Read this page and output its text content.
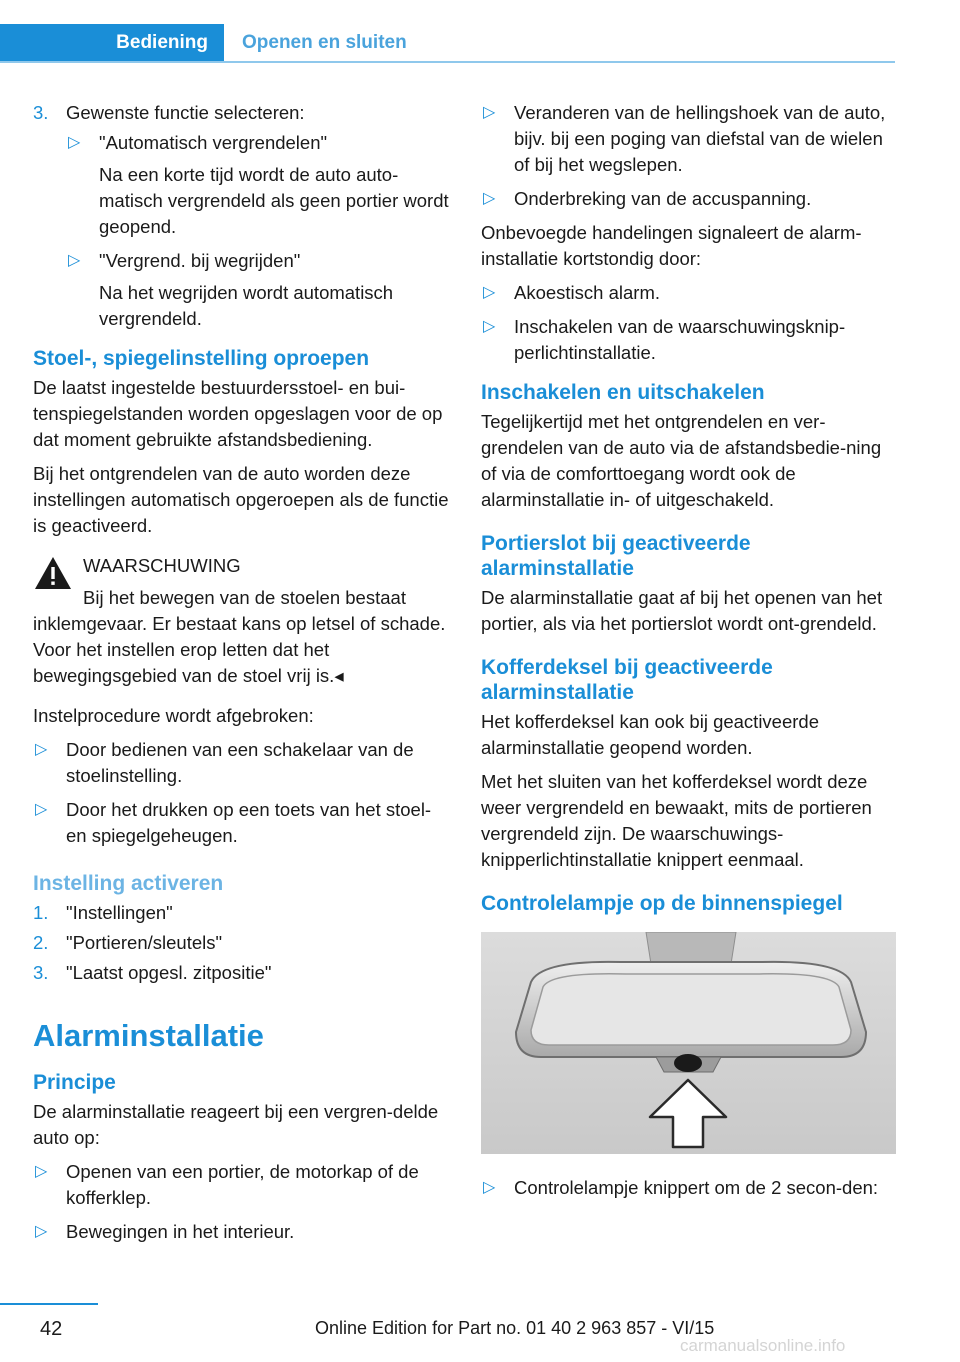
Bediening	Openen en sluiten
3. Gewenste functie selecteren:
▷ "Automatisch vergrendelen"
Na een korte tijd wordt de auto auto-matisch vergrendeld als geen portier wordt geopend.
▷ "Vergrend. bij wegrijden"
Na het wegrijden wordt automatisch vergrendeld.
Stoel-, spiegelinstelling oproepen

De laatst ingestelde bestuurdersstoel- en bui-tenspiegelstanden worden opgeslagen voor de op dat moment gebruikte afstandsbediening.

Bij het ontgrendelen van de auto worden deze instellingen automatisch opgeroepen als de functie is geactiveerd.

WAARSCHUWING
Bij het bewegen van de stoelen bestaat inklemgevaar. Er bestaat kans op letsel of schade. Voor het instellen erop letten dat het bewegingsgebied van de stoel vrij is.◂

Instelprocedure wordt afgebroken:

▷ Door bedienen van een schakelaar van de stoelinstelling.
▷ Door het drukken op een toets van het stoel- en spiegelgeheugen.
Instelling activeren
1. "Instellingen"
2. "Portieren/sleutels"
3. "Laatst opgesl. zitpositie"
Alarminstallatie
Principe

De alarminstallatie reageert bij een vergren-delde auto op:

▷ Openen van een portier, de motorkap of de kofferklep.
▷ Bewegingen in het interieur.
▷ Veranderen van de hellingshoek van de auto, bijv. bij een poging van diefstal van de wielen of bij het wegslepen.
▷ Onderbreking van de accuspanning.

Onbevoegde handelingen signaleert de alarm-installatie kortstondig door:

▷ Akoestisch alarm.
▷ Inschakelen van de waarschuwingsknip-perlichtinstallatie.
Inschakelen en uitschakelen

Tegelijkertijd met het ontgrendelen en ver-grendelen van de auto via de afstandsbedie-ning of via de comforttoegang wordt ook de alarminstallatie in- of uitgeschakeld.

Portierslot bij geactiveerde alarminstallatie

De alarminstallatie gaat af bij het openen van het portier, als via het portierslot wordt ont-grendeld.

Kofferdeksel bij geactiveerde alarminstallatie

Het kofferdeksel kan ook bij geactiveerde alarminstallatie geopend worden.

Met het sluiten van het kofferdeksel wordt deze weer vergrendeld en bewaakt, mits de portieren vergrendeld zijn. De waarschuwings-knipperlichtinstallatie knippert eenmaal.

Controlelampje op de binnenspiegel
▷ Controlelampje knippert om de 2 secon-den:
42	Online Edition for Part no. 01 40 2 963 857 - VI/15
carmanualsonline.info
